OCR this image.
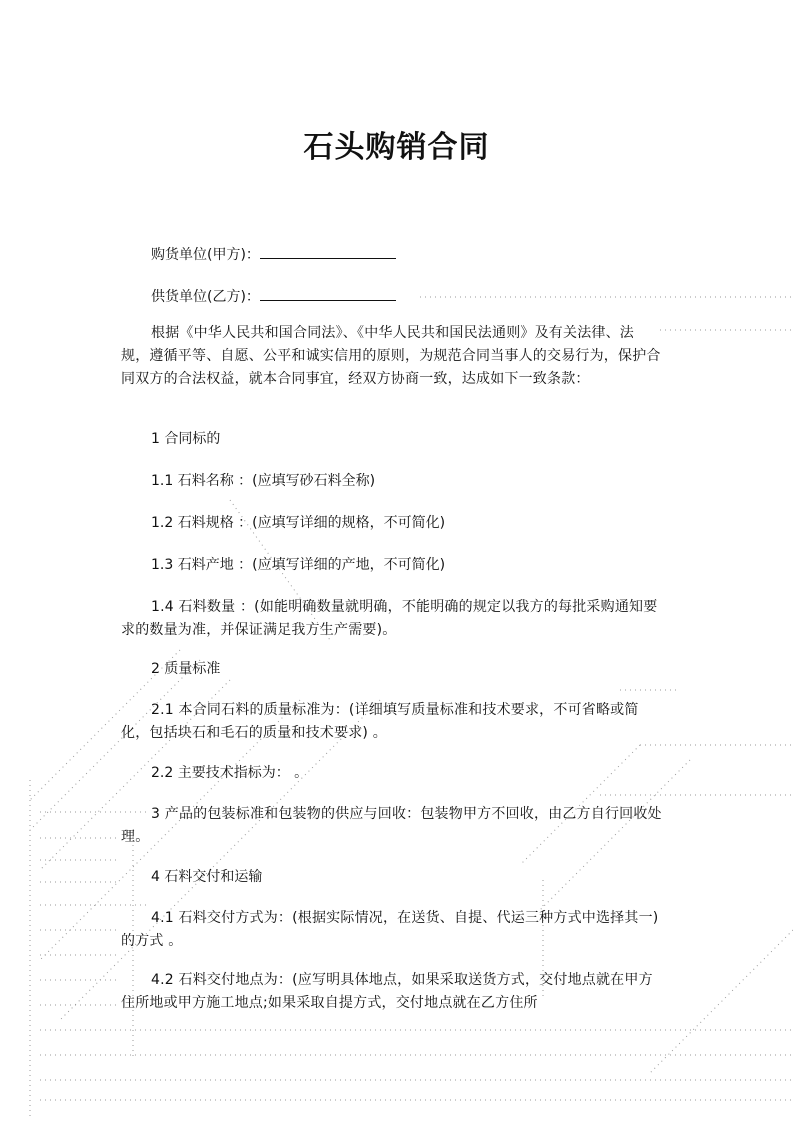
石头购销合同
购货单位(甲方)：
供货单位(乙方)：
根据《中华人民共和国合同法》、《中华人民共和国民法通则》及有关法律、法规，遵循平等、自愿、公平和诚实信用的原则，为规范合同当事人的交易行为，保护合同双方的合法权益，就本合同事宜，经双方协商一致，达成如下一致条款：
1 合同标的
1.1 石料名称 ：(应填写砂石料全称)
1.2 石料规格 ：(应填写详细的规格，不可简化)
1.3 石料产地 ：(应填写详细的产地，不可简化)
1.4 石料数量 ：(如能明确数量就明确，不能明确的规定以我方的每批采购通知要求的数量为准，并保证满足我方生产需要)。
2 质量标准
2.1 本合同石料的质量标准为：(详细填写质量标准和技术要求，不可省略或简化，包括块石和毛石的质量和技术要求) 。
2.2 主要技术指标为： 。
3 产品的包装标准和包装物的供应与回收：包装物甲方不回收，由乙方自行回收处理。
4 石料交付和运输
4.1 石料交付方式为：(根据实际情况，在送货、自提、代运三种方式中选择其一)的方式 。
4.2 石料交付地点为：(应写明具体地点，如果采取送货方式，交付地点就在甲方住所地或甲方施工地点;如果采取自提方式，交付地点就在乙方住所
